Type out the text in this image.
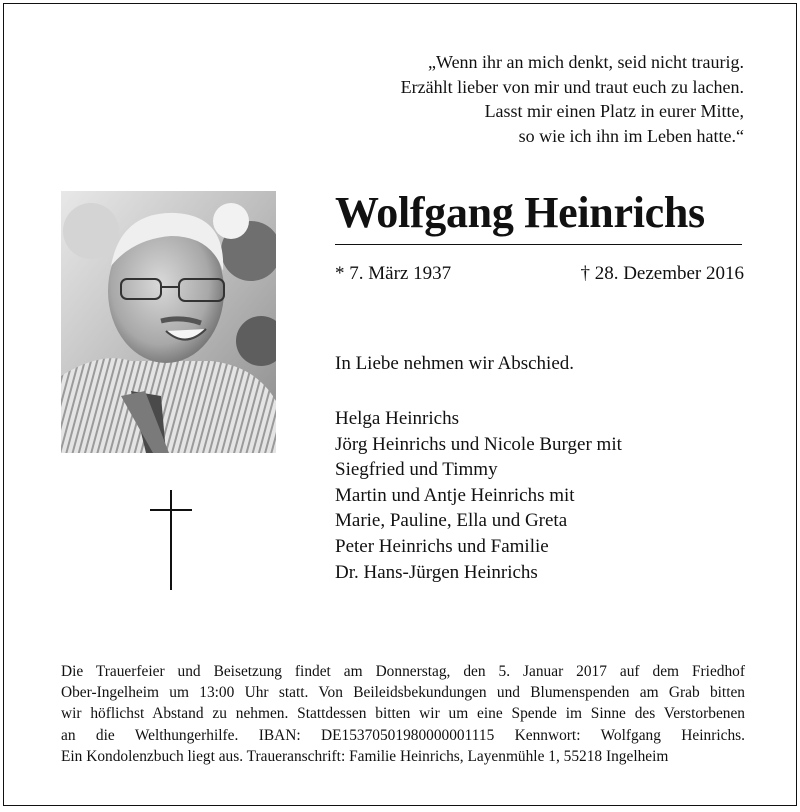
„Wenn ihr an mich denkt, seid nicht traurig.
Erzählt lieber von mir und traut euch zu lachen.
Lasst mir einen Platz in eurer Mitte,
so wie ich ihn im Leben hatte.“
Wolfgang Heinrichs
* 7. März 1937	† 28. Dezember 2016
In Liebe nehmen wir Abschied.
Helga Heinrichs
Jörg Heinrichs und Nicole Burger mit
Siegfried und Timmy
Martin und Antje Heinrichs mit
Marie, Pauline, Ella und Greta
Peter Heinrichs und Familie
Dr. Hans-Jürgen Heinrichs
Die Trauerfeier und Beisetzung findet am Donnerstag, den 5. Januar 2017 auf dem Friedhof
Ober-Ingelheim um 13:00 Uhr statt. Von Beileidsbekundungen und Blumenspenden am Grab bitten
wir höflichst Abstand zu nehmen. Stattdessen bitten wir um eine Spende im Sinne des Verstorbenen
an die Welthungerhilfe. IBAN: DE15370501980000001115 Kennwort: Wolfgang Heinrichs.
Ein Kondolenzbuch liegt aus. Traueranschrift: Familie Heinrichs, Layenmühle 1, 55218 Ingelheim
